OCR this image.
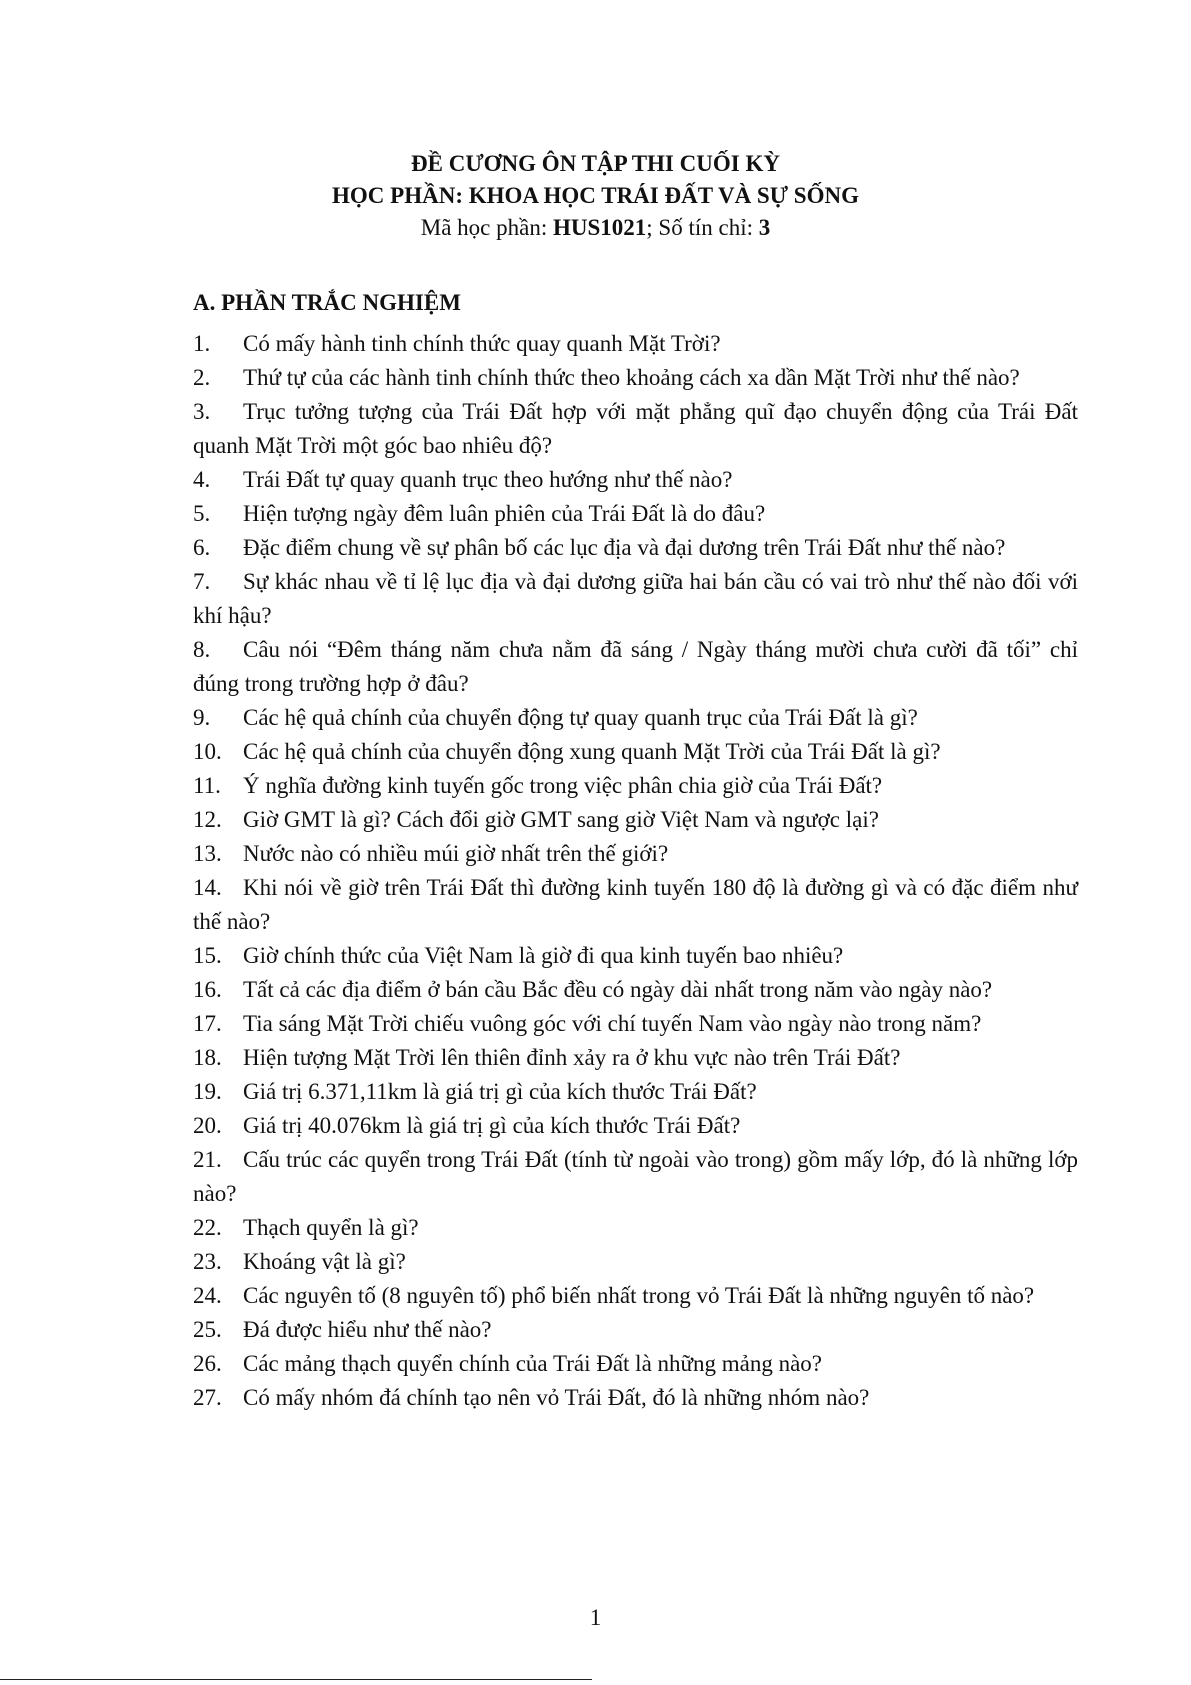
ĐỀ CƯƠNG ÔN TẬP THI CUỐI KỲ
HỌC PHẦN: KHOA HỌC TRÁI ĐẤT VÀ SỰ SỐNG
Mã học phần: HUS1021; Số tín chỉ: 3
A. PHẦN TRẮC NGHIỆM
1. Có mấy hành tinh chính thức quay quanh Mặt Trời?
2. Thứ tự của các hành tinh chính thức theo khoảng cách xa dần Mặt Trời như thế nào?
3. Trục tưởng tượng của Trái Đất hợp với mặt phẳng quĩ đạo chuyển động của Trái Đất quanh Mặt Trời một góc bao nhiêu độ?
4. Trái Đất tự quay quanh trục theo hướng như thế nào?
5. Hiện tượng ngày đêm luân phiên của Trái Đất là do đâu?
6. Đặc điểm chung về sự phân bố các lục địa và đại dương trên Trái Đất như thế nào?
7. Sự khác nhau về tỉ lệ lục địa và đại dương giữa hai bán cầu có vai trò như thế nào đối với khí hậu?
8. Câu nói “Đêm tháng năm chưa nằm đã sáng / Ngày tháng mười chưa cười đã tối” chỉ đúng trong trường hợp ở đâu?
9. Các hệ quả chính của chuyển động tự quay quanh trục của Trái Đất là gì?
10. Các hệ quả chính của chuyển động xung quanh Mặt Trời của Trái Đất là gì?
11. Ý nghĩa đường kinh tuyến gốc trong việc phân chia giờ của Trái Đất?
12. Giờ GMT là gì? Cách đổi giờ GMT sang giờ Việt Nam và ngược lại?
13. Nước nào có nhiều múi giờ nhất trên thế giới?
14. Khi nói về giờ trên Trái Đất thì đường kinh tuyến 180 độ là đường gì và có đặc điểm như thế nào?
15. Giờ chính thức của Việt Nam là giờ đi qua kinh tuyến bao nhiêu?
16. Tất cả các địa điểm ở bán cầu Bắc đều có ngày dài nhất trong năm vào ngày nào?
17. Tia sáng Mặt Trời chiếu vuông góc với chí tuyến Nam vào ngày nào trong năm?
18. Hiện tượng Mặt Trời lên thiên đỉnh xảy ra ở khu vực nào trên Trái Đất?
19. Giá trị 6.371,11km là giá trị gì của kích thước Trái Đất?
20. Giá trị 40.076km là giá trị gì của kích thước Trái Đất?
21. Cấu trúc các quyển trong Trái Đất (tính từ ngoài vào trong) gồm mấy lớp, đó là những lớp nào?
22. Thạch quyển là gì?
23. Khoáng vật là gì?
24. Các nguyên tố (8 nguyên tố) phổ biến nhất trong vỏ Trái Đất là những nguyên tố nào?
25. Đá được hiểu như thế nào?
26. Các mảng thạch quyển chính của Trái Đất là những mảng nào?
27. Có mấy nhóm đá chính tạo nên vỏ Trái Đất, đó là những nhóm nào?
1
